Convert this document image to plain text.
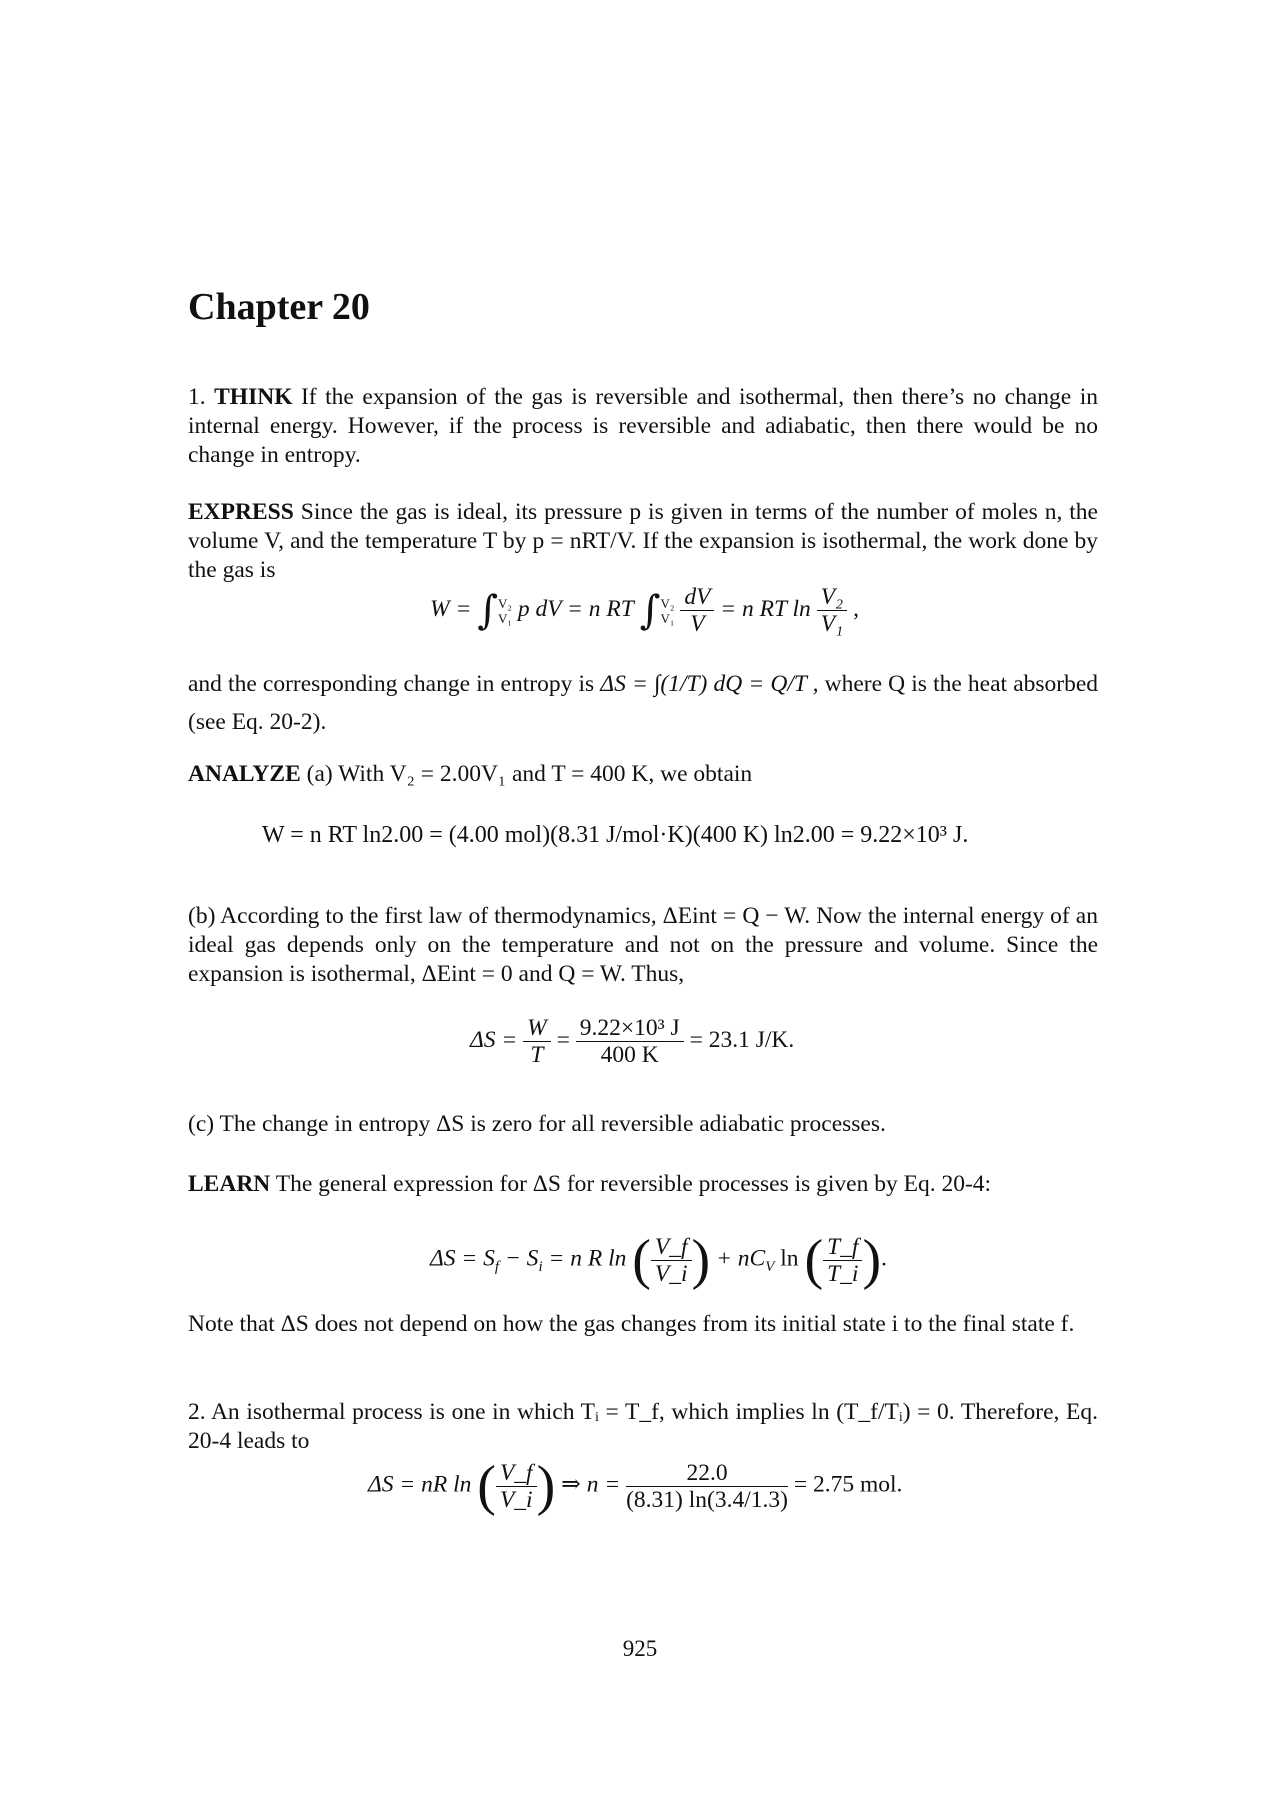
Chapter 20
1. THINK If the expansion of the gas is reversible and isothermal, then there’s no change in internal energy. However, if the process is reversible and adiabatic, then there would be no change in entropy.
EXPRESS Since the gas is ideal, its pressure p is given in terms of the number of moles n, the volume V, and the temperature T by p = nRT/V. If the expansion is isothermal, the work done by the gas is
W = ∫ V₂
V₁ p dV = n RT ∫ V₂
V₁
$\frac{dV}{V} = n$ RT $\ln \frac{\text{V₂}}{\text{V₁}}$ ,
and the corresponding change in entropy is ΔS = ∫(1/T) dQ = Q/T , where Q is the heat absorbed (see Eq. 20-2).
ANALYZE (a) With V₂ = 2.00V₁ and T = 400 K, we obtain
W = n RT ln2.00 = (4.00 mol)(8.31 J/mol·K)(400 K) ln2.00 = 9.22×10³ J.
(b) According to the first law of thermodynamics, ΔEint = Q − W. Now the internal energy of an ideal gas depends only on the temperature and not on the pressure and volume. Since the expansion is isothermal, ΔEint = 0 and Q = W. Thus,
$\Delta S = \frac{W}{T} = \frac{\text{9.22×10³ J}}{400 K} = 23.1$ J/K.
(c) The change in entropy ΔS is zero for all reversible adiabatic processes.
LEARN The general expression for ΔS for reversible processes is given by Eq. 20-4:
$\Delta S = S_f - S_i = n$ R ln ( $\frac{V\_f}{V\_i}$ ) + $nC_V$ ln ( $\frac{T\_f}{T\_i}$ ).
Note that ΔS does not depend on how the gas changes from its initial state i to the final state f.
2. An isothermal process is one in which Tᵢ = T_f, which implies ln (T_f/Tᵢ) = 0. Therefore, Eq. 20-4 leads to
ΔS = nR ln ( $\frac{V\_f}{V\_i}$ ) ⇒ $n = \frac{22.0}{(8.31) \ln(3.4/1.3)} = 2.75$ mol.
925
